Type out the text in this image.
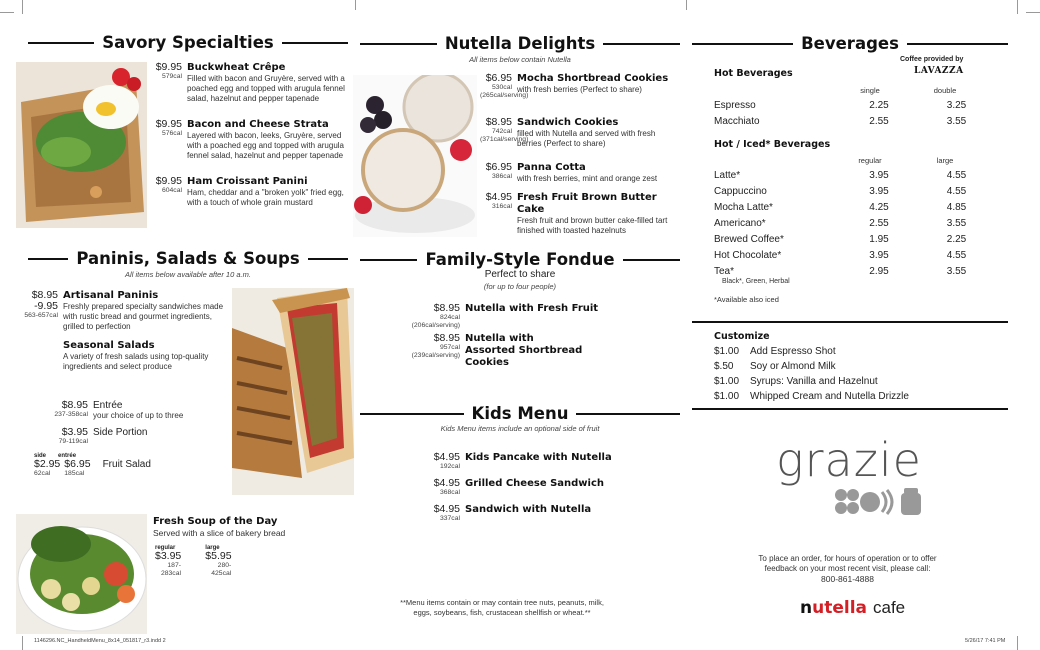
Savory Specialties
$9.95
579cal
Buckwheat Crêpe
Filled with bacon and Gruyère, served with a poached egg and topped with arugula fennel salad, hazelnut and pepper tapenade
$9.95
576cal
Bacon and Cheese Strata
Layered with bacon, leeks, Gruyère, served with a poached egg and topped with arugula fennel salad, hazelnut and pepper tapenade
$9.95
604cal
Ham Croissant Panini
Ham, cheddar and a "broken yolk" fried egg, with a touch of whole grain mustard
Paninis, Salads & Soups
All items below available after 10 a.m.
$8.95 -9.95
563-657cal
Artisanal Paninis
Freshly prepared specialty sandwiches made with rustic bread and gourmet ingredients, grilled to perfection
Seasonal Salads
A variety of fresh salads using top-quality ingredients and select produce
$8.95
237-358cal
Entrée
your choice of up to three
$3.95
79-119cal
Side Portion
side entrée
$2.95
62cal
$6.95
185cal
Fruit Salad
Fresh Soup of the Day
Served with a slice of bakery bread
regular
$3.95
187-283cal
large
$5.95
280-425cal
1146296.NC_HandheldMenu_8x14_051817_r3.indd 2
Nutella Delights
All items below contain Nutella
$6.95
530cal (265cal/serving)
Mocha Shortbread Cookies
with fresh berries (Perfect to share)
$8.95
742cal (371cal/serving)
Sandwich Cookies
filled with Nutella and served with fresh berries (Perfect to share)
$6.95
386cal
Panna Cotta
with fresh berries, mint and orange zest
$4.95
316cal
Fresh Fruit Brown Butter Cake
Fresh fruit and brown butter cake-filled tart finished with toasted hazelnuts
Family-Style Fondue
Perfect to share
(for up to four people)
$8.95
824cal (206cal/serving)
Nutella with Fresh Fruit
$8.95
957cal (239cal/serving)
Nutella with Assorted Shortbread Cookies
Kids Menu
Kids Menu items include an optional side of fruit
$4.95
192cal
Kids Pancake with Nutella
$4.95
368cal
Grilled Cheese Sandwich
$4.95
337cal
Sandwich with Nutella
**Menu items contain or may contain tree nuts, peanuts, milk, eggs, soybeans, fish, crustacean shellfish or wheat.**
Beverages
Coffee provided by
LAVAZZA
Hot Beverages
single	double
Espresso	2.25	3.25
Macchiato	2.55	3.55
Hot / Iced* Beverages
regular	large
Latte*	3.95	4.55
Cappuccino	3.95	4.55
Mocha Latte*	4.25	4.85
Americano*	2.55	3.55
Brewed Coffee*	1.95	2.25
Hot Chocolate*	3.95	4.55
Tea*	2.95	3.55
Black*, Green, Herbal
*Available also iced
Customize
$1.00	Add Espresso Shot
$.50	Soy or Almond Milk
$1.00	Syrups: Vanilla and Hazelnut
$1.00	Whipped Cream and Nutella Drizzle
grazie
To place an order, for hours of operation or to offer feedback on your most recent visit, please call:
800-861-4888
nutella cafe
5/26/17 7:41 PM
